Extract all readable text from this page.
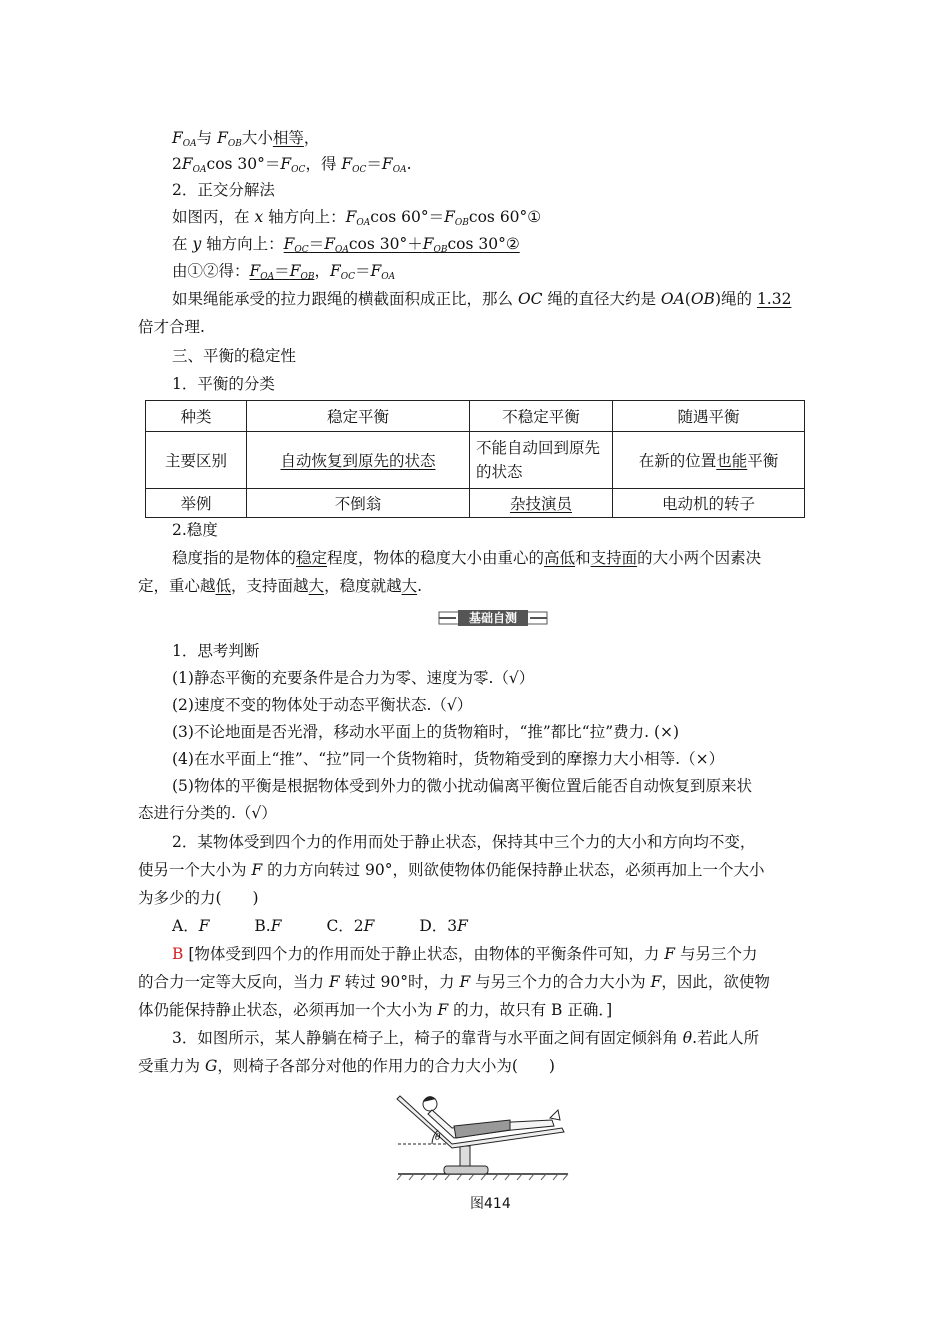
$F_{OA}$与 $F_{OB}$大小相等，
$2F_{OA}\cos$ $30^\circ=F_{OC}$，得 $F_{OC}=F_{OA}$.
2．正交分解法
如图丙，在 x 轴方向上：$F_{OA}\cos$ $60^\circ=F_{OB}\cos$ 60°①
在 y 轴方向上：$F_{OC}=F_{OA}\cos$ $30^\circ+F_{OB}\cos$ 30°②
由①②得：$F_{OA}=F_{OB}$，$F_{OC}=F_{OA}$
如果绳能承受的拉力跟绳的横截面积成正比，那么 OC 绳的直径大约是 OA(OB)绳的 1.32
倍才合理.
三、平衡的稳定性
1．平衡的分类
种类	稳定平衡	不稳定平衡	随遇平衡
主要区别	自动恢复到原先的状态	不能自动回到原先的状态	在新的位置也能平衡
举例	不倒翁	杂技演员	电动机的转子
2.稳度
稳度指的是物体的稳定程度，物体的稳度大小由重心的高低和支持面的大小两个因素决
定，重心越低，支持面越大，稳度就越大.
基础自测
1．思考判断
(1)静态平衡的充要条件是合力为零、速度为零.（√）
(2)速度不变的物体处于动态平衡状态.（√）
(3)不论地面是否光滑，移动水平面上的货物箱时，“推”都比“拉”费力. (×)
(4)在水平面上“推”、“拉”同一个货物箱时，货物箱受到的摩擦力大小相等.（×）
(5)物体的平衡是根据物体受到外力的微小扰动偏离平衡位置后能否自动恢复到原来状
态进行分类的.（√）
2．某物体受到四个力的作用而处于静止状态，保持其中三个力的大小和方向均不变，
使另一个大小为 F 的力方向转过 90°，则欲使物体仍能保持静止状态，必须再加上一个大小
为多少的力(　　)
A．F	B.F	C．2F	D．3F
B [物体受到四个力的作用而处于静止状态，由物体的平衡条件可知，力 F 与另三个力
的合力一定等大反向，当力 F 转过 90°时，力 F 与另三个力的合力大小为 F，因此，欲使物
体仍能保持静止状态，必须再加一个大小为 F 的力，故只有 B 正确．]
3．如图所示，某人静躺在椅子上，椅子的靠背与水平面之间有固定倾斜角 θ.若此人所
受重力为 G，则椅子各部分对他的作用力的合力大小为(　　)
θ
图414
